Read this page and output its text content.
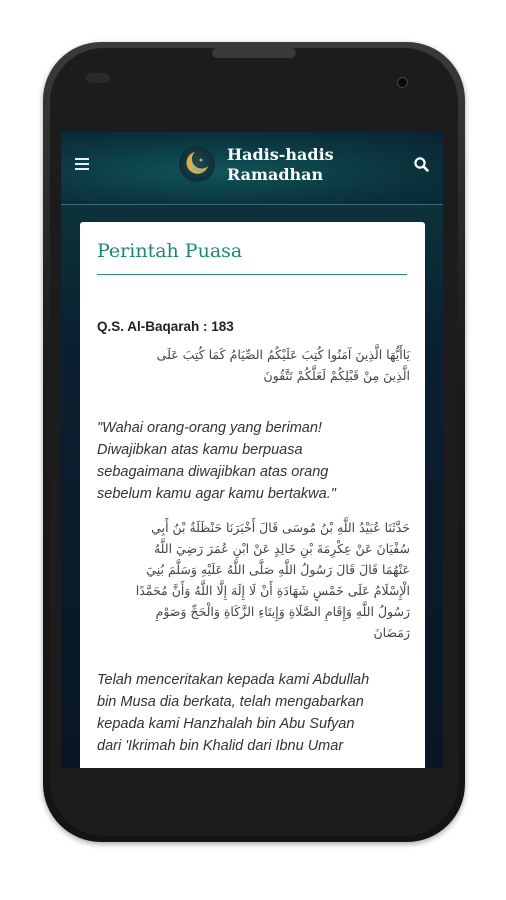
Hadis-hadis
Ramadhan
Perintah Puasa
Q.S. Al-Baqarah : 183
يَاأَيُّهَا الَّذِينَ آمَنُوا كُتِبَ عَلَيْكُمُ الصِّيَامُ كَمَا كُتِبَ عَلَى
الَّذِينَ مِنْ قَبْلِكُمْ لَعَلَّكُمْ تَتَّقُونَ
"Wahai orang-orang yang beriman!
Diwajibkan atas kamu berpuasa
sebagaimana diwajibkan atas orang
sebelum kamu agar kamu bertakwa."
حَدَّثَنَا عُبَيْدُ اللَّهِ بْنُ مُوسَى قَالَ أَخْبَرَنَا حَنْظَلَةُ بْنُ أَبِي
سُفْيَانَ عَنْ عِكْرِمَةَ بْنِ خَالِدٍ عَنْ ابْنِ عُمَرَ رَضِيَ اللَّهُ
عَنْهُمَا قَالَ قَالَ رَسُولُ اللَّهِ صَلَّى اللَّهُ عَلَيْهِ وَسَلَّمَ بُنِيَ
الْإِسْلَامُ عَلَى خَمْسٍ شَهَادَةِ أَنْ لَا إِلَهَ إِلَّا اللَّهُ وَأَنَّ مُحَمَّدًا
رَسُولُ اللَّهِ وَإِقَامِ الصَّلَاةِ وَإِيتَاءِ الزَّكَاةِ وَالْحَجِّ وَصَوْمِ
رَمَضَانَ
Telah menceritakan kepada kami Abdullah
bin Musa dia berkata, telah mengabarkan
kepada kami Hanzhalah bin Abu Sufyan
dari 'Ikrimah bin Khalid dari Ibnu Umar
